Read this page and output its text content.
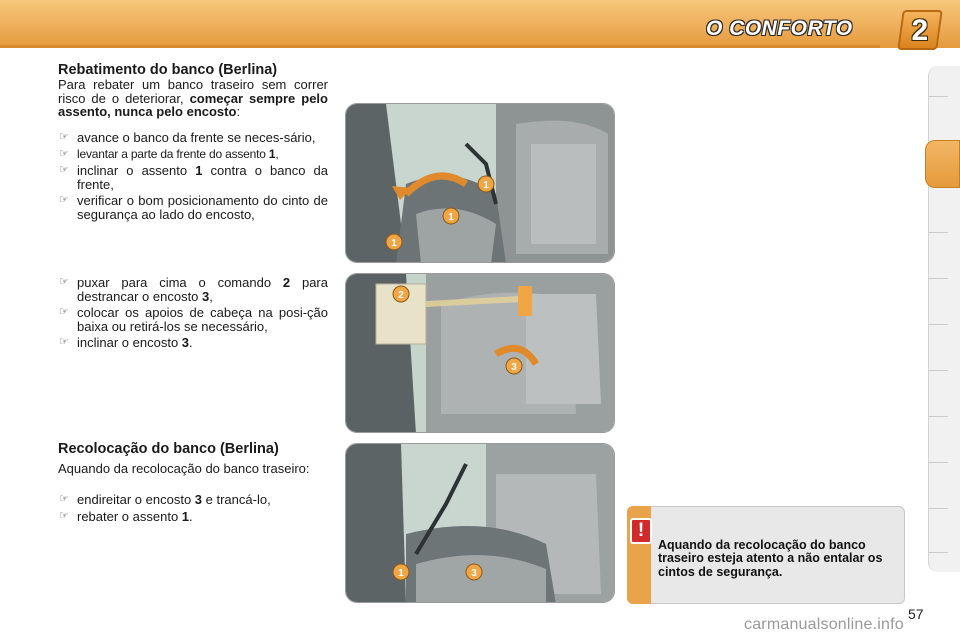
O CONFORTO	2
Rebatimento do banco (Berlina)

Para rebater um banco traseiro sem correr risco de o deteriorar, começar sempre pelo assento, nunca pelo encosto:

☞ avance o banco da frente se neces-sário,
☞ levantar a parte da frente do assento 1,
☞ inclinar o assento 1 contra o banco da frente,
☞ verificar o bom posicionamento do cinto de segurança ao lado do encosto,
☞ puxar para cima o comando 2 para destrancar o encosto 3,
☞ colocar os apoios de cabeça na posi-ção baixa ou retirá-los se necessário,
☞ inclinar o encosto 3.
Recolocação do banco (Berlina)

Aquando da recolocação do banco traseiro:

☞ endireitar o encosto 3 e trancá-lo,
☞ rebater o assento 1.
1
1
1
2
3
1	3
!
Aquando da recolocação do banco traseiro esteja atento a não entalar os cintos de segurança.
57
carmanualsonline.info
